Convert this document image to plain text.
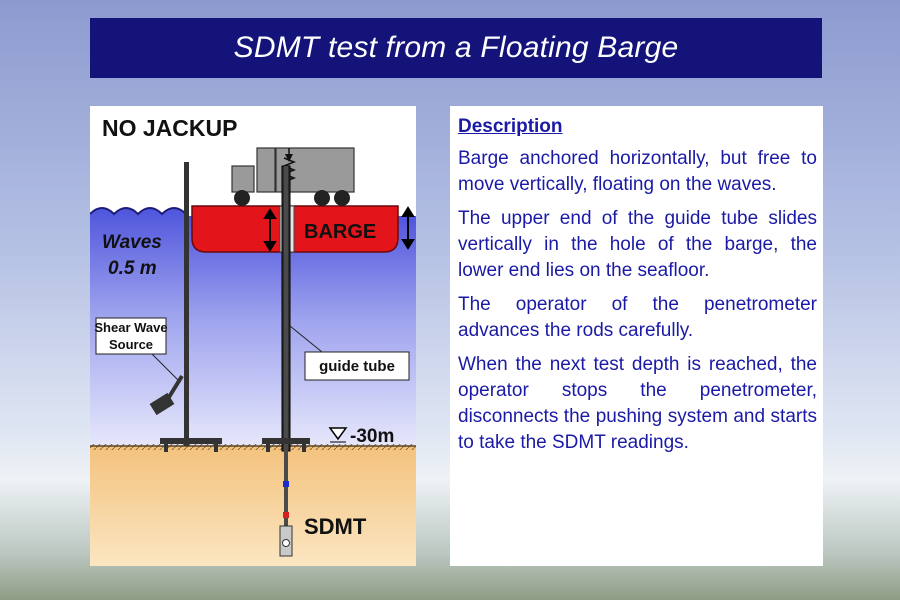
SDMT test from a Floating Barge
NO JACKUP
Waves
0.5 m
BARGE
Shear Wave
Source
guide tube
-30m
SDMT
Description

Barge anchored horizontally, but free to move vertically, floating on the waves.

The upper end of the guide tube slides vertically in the hole of the barge, the lower end lies on the seafloor.

The operator of the penetrometer advances the rods carefully.

When the next test depth is reached, the operator stops the penetrometer, disconnects the pushing system and starts to take the SDMT readings.
